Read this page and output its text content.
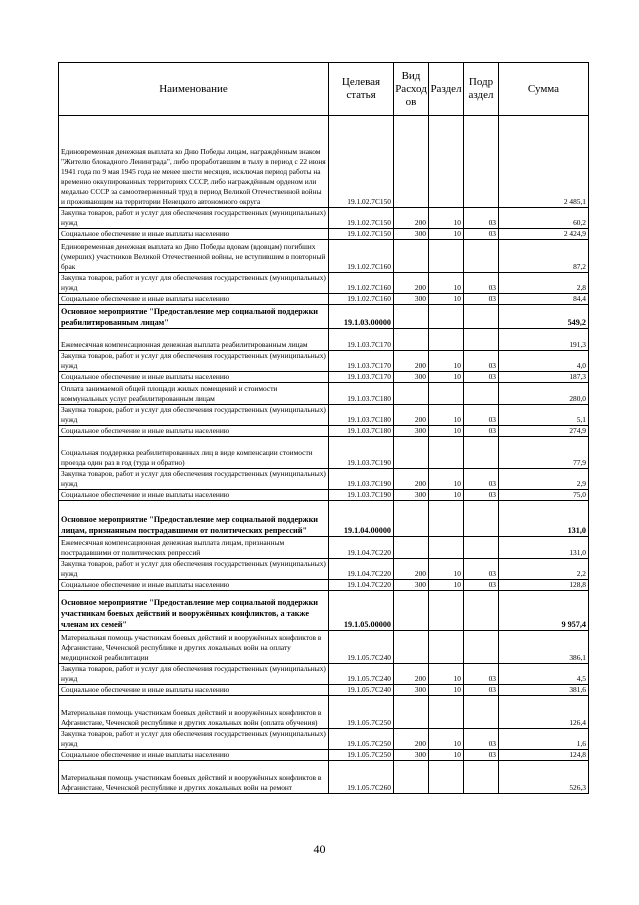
Наименование	Целевая статья	Вид Расход ов	Раздел	Подр аздел	Сумма
Единовременная денежная выплата ко Дню Победы лицам, награждённым знаком "Жителю блокадного Ленинграда", либо проработавшим в тылу в период с 22 июня 1941 года по 9 мая 1945 года не менее шести месяцев, исключая период работы на временно оккупированных территориях СССР, либо награждённым орденом или медалью СССР за самоотверженный труд в период Великой Отечественной войны и проживающим на территории Ненецкого автономного округа	19.1.02.7С150				2 485,1
Закупка товаров, работ и услуг для обеспечения государственных (муниципальных) нужд	19.1.02.7С150	200	10	03	60,2
Социальное обеспечение и иные выплаты населению	19.1.02.7С150	300	10	03	2 424,9
Единовременная денежная выплата ко Дню Победы вдовам (вдовцам) погибших (умерших) участников Великой Отечественной войны, не вступившим в повторный брак	19.1.02.7С160				87,2
Закупка товаров, работ и услуг для обеспечения государственных (муниципальных) нужд	19.1.02.7С160	200	10	03	2,8
Социальное обеспечение и иные выплаты населению	19.1.02.7С160	300	10	03	84,4
Основное мероприятие "Предоставление мер социальной поддержки реабилитированным лицам"	19.1.03.00000				549,2
Ежемесячная компенсационная денежная выплата реабилитированным лицам	19.1.03.7С170				191,3
Закупка товаров, работ и услуг для обеспечения государственных (муниципальных) нужд	19.1.03.7С170	200	10	03	4,0
Социальное обеспечение и иные выплаты населению	19.1.03.7С170	300	10	03	187,3
Оплата занимаемой общей площади жилых помещений и стоимости коммунальных услуг реабилитированным лицам	19.1.03.7С180				280,0
Закупка товаров, работ и услуг для обеспечения государственных (муниципальных) нужд	19.1.03.7С180	200	10	03	5,1
Социальное обеспечение и иные выплаты населению	19.1.03.7С180	300	10	03	274,9
Социальная поддержка реабилитированных лиц в виде компенсации стоимости проезда один раз в год (туда и обратно)	19.1.03.7С190				77,9
Закупка товаров, работ и услуг для обеспечения государственных (муниципальных) нужд	19.1.03.7С190	200	10	03	2,9
Социальное обеспечение и иные выплаты населению	19.1.03.7С190	300	10	03	75,0
Основное мероприятие "Предоставление мер социальной поддержки лицам, признанным пострадавшими от политических репрессий"	19.1.04.00000				131,0
Ежемесячная компенсационная денежная выплата лицам, признанным пострадавшими от политических репрессий	19.1.04.7С220				131,0
Закупка товаров, работ и услуг для обеспечения государственных (муниципальных) нужд	19.1.04.7С220	200	10	03	2,2
Социальное обеспечение и иные выплаты населению	19.1.04.7С220	300	10	03	128,8
Основное мероприятие "Предоставление мер социальной поддержки участникам боевых действий и вооружённых конфликтов, а также членам их семей"	19.1.05.00000				9 957,4
Материальная помощь участникам боевых действий и вооружённых конфликтов в Афганистане, Чеченской республике и других локальных войн на оплату медицинской реабилитации	19.1.05.7С240				386,1
Закупка товаров, работ и услуг для обеспечения государственных (муниципальных) нужд	19.1.05.7С240	200	10	03	4,5
Социальное обеспечение и иные выплаты населению	19.1.05.7С240	300	10	03	381,6
Материальная помощь участникам боевых действий и вооружённых конфликтов в Афганистане, Чеченской республике и других локальных войн (оплата обучения)	19.1.05.7С250				126,4
Закупка товаров, работ и услуг для обеспечения государственных (муниципальных) нужд	19.1.05.7С250	200	10	03	1,6
Социальное обеспечение и иные выплаты населению	19.1.05.7С250	300	10	03	124,8
Материальная помощь участникам боевых действий и вооружённых конфликтов в Афганистане, Чеченской республике и других локальных войн на ремонт	19.1.05.7С260				526,3
40
